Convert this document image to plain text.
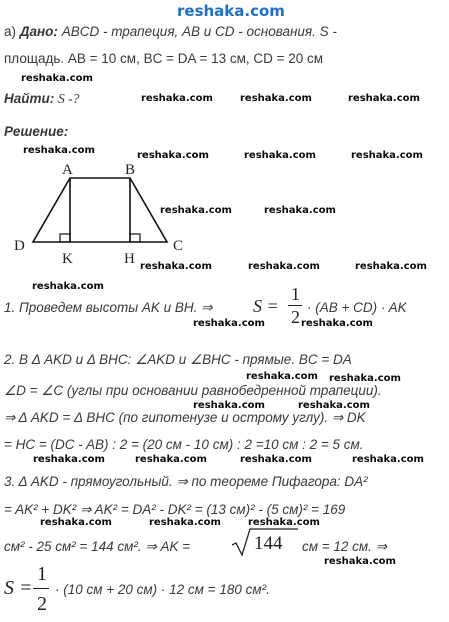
reshaka.com
а) Дано: ABCD - трапеция, AB и CD - основания. S -
площадь. AB = 10 см, BC = DA = 13 см, CD = 20 см
reshaka.com
Найти: S -?	reshaka.com	reshaka.com	reshaka.com
Решение:
reshaka.com	reshaka.com	reshaka.com	reshaka.com
A	B
C
D
K	H
reshaka.com	reshaka.com
reshaka.com	reshaka.com	reshaka.com
reshaka.com
1. Проведем высоты AK и BH. ⇒ S =
1
2 · (AB + CD) · AK
reshaka.com	reshaka.com
2. В Δ AKD и Δ BHC: ∠AKD и ∠BHC - прямые. BC = DA
reshaka.com reshaka.com
∠D = ∠C (углы при основании равнобедренной трапеции).
reshaka.com	reshaka.com
⇒ Δ AKD = Δ BHC (по гипотенузе и острому углу). ⇒ DK
= HC = (DC - AB) : 2 = (20 см - 10 см) : 2 =10 см : 2 = 5 см.
reshaka.com	reshaka.com	reshaka.com	reshaka.com
3. Δ AKD - прямоугольный. ⇒ по теореме Пифагора: DA²
= AK² + DK² ⇒ AK² = DA² - DK² = (13 см)² - (5 см)² = 169
reshaka.com	reshaka.com	reshaka.com
см² - 25 см² = 144 см². ⇒ AK =	144 см = 12 см. ⇒
reshaka.com
S =
1
2
· (10 см + 20 см) · 12 см = 180 см².
